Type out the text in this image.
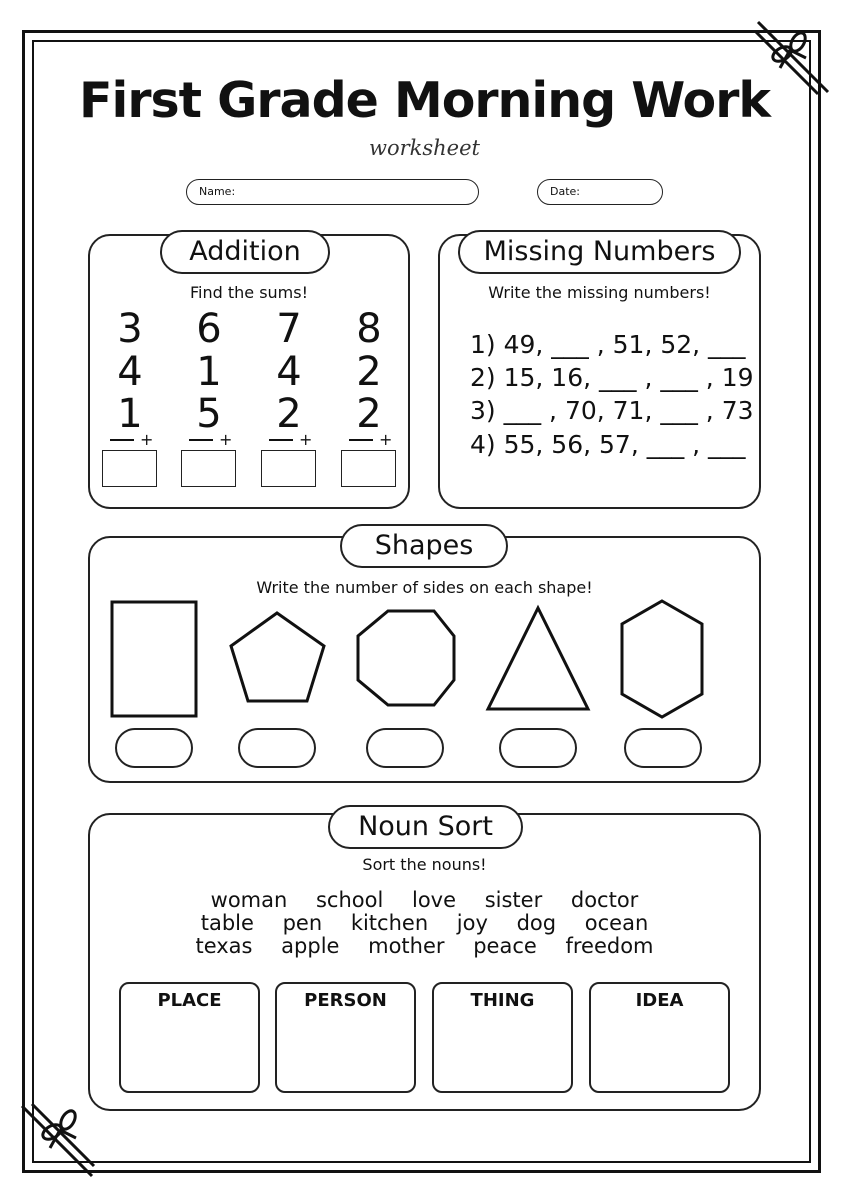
First Grade Morning Work
worksheet
Name:	Date:
Addition
Find the sums!
3
4
1
+
6
1
5
+
7
4
2
+
8
2
2
+
Missing Numbers
Write the missing numbers!
1) 49, ___ , 51, 52, ___
2) 15, 16, ___ , ___ , 19
3) ___ , 70, 71, ___ , 73
4) 55, 56, 57, ___ , ___
Shapes
Write the number of sides on each shape!
Noun Sort
Sort the nouns!
woman school love sister doctor
table pen kitchen joy dog ocean
texas apple mother peace freedom
PLACE	PERSON	THING	IDEA
